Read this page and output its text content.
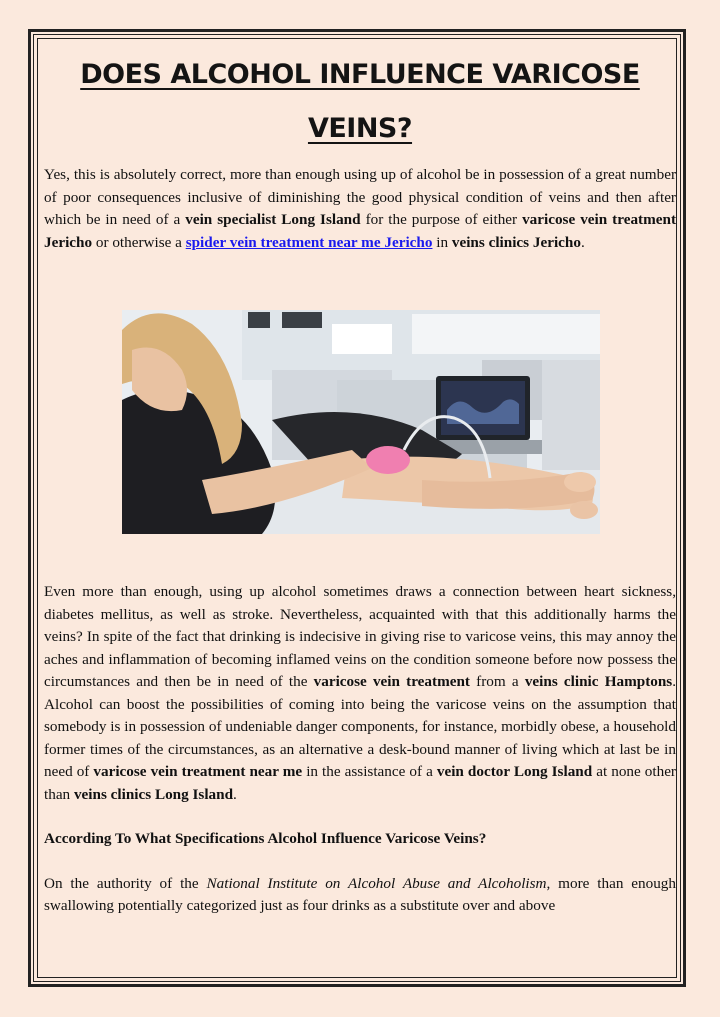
DOES ALCOHOL INFLUENCE VARICOSE VEINS?

Yes, this is absolutely correct, more than enough using up of alcohol be in possession of a great number of poor consequences inclusive of diminishing the good physical condition of veins and then after which be in need of a vein specialist Long Island for the purpose of either varicose vein treatment Jericho or otherwise a spider vein treatment near me Jericho in veins clinics Jericho.

Even more than enough, using up alcohol sometimes draws a connection between heart sickness, diabetes mellitus, as well as stroke. Nevertheless, acquainted with that this additionally harms the veins? In spite of the fact that drinking is indecisive in giving rise to varicose veins, this may annoy the aches and inflammation of becoming inflamed veins on the condition someone before now possess the circumstances and then be in need of the varicose vein treatment from a veins clinic Hamptons. Alcohol can boost the possibilities of coming into being the varicose veins on the assumption that somebody is in possession of undeniable danger components, for instance, morbidly obese, a household former times of the circumstances, as an alternative a desk-bound manner of living which at last be in need of varicose vein treatment near me in the assistance of a vein doctor Long Island at none other than veins clinics Long Island.

According To What Specifications Alcohol Influence Varicose Veins?

On the authority of the National Institute on Alcohol Abuse and Alcoholism, more than enough swallowing potentially categorized just as four drinks as a substitute over and above
